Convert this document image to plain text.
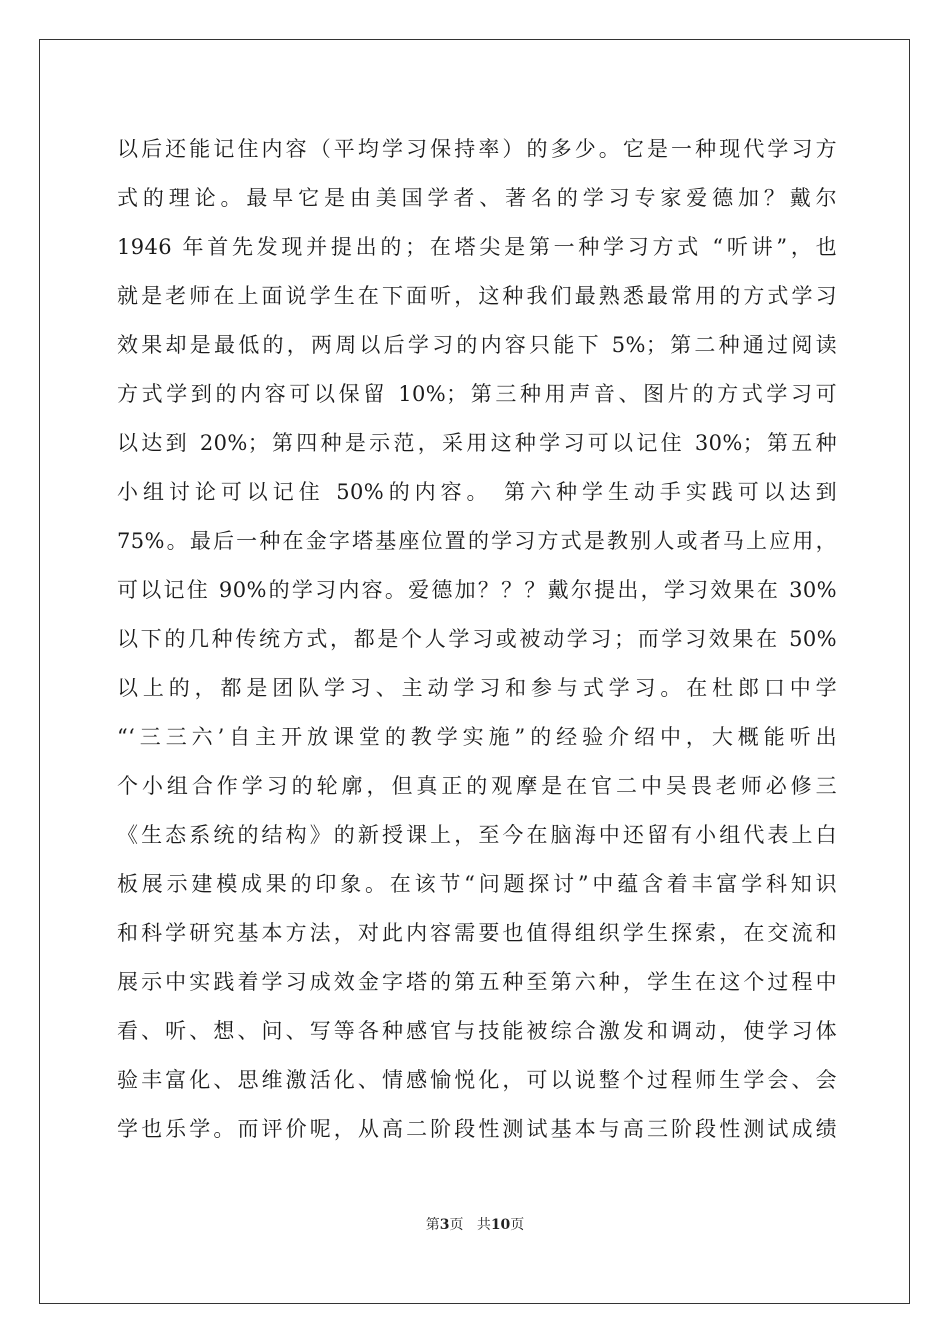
以后还能记住内容（平均学习保持率）的多少。它是一种现代学习方
式的理论。最早它是由美国学者、著名的学习专家爱德加？戴尔
1946 年首先发现并提出的；在塔尖是第一种学习方式 “听讲”，也
就是老师在上面说学生在下面听，这种我们最熟悉最常用的方式学习
效果却是最低的，两周以后学习的内容只能下 5%；第二种通过阅读
方式学到的内容可以保留 10%；第三种用声音、图片的方式学习可
以达到 20%；第四种是示范，采用这种学习可以记住 30%；第五种
小组讨论可以记住 50%的内容。 第六种学生动手实践可以达到
75%。最后一种在金字塔基座位置的学习方式是教别人或者马上应用，
可以记住 90%的学习内容。爱德加？？？戴尔提出，学习效果在 30%
以下的几种传统方式，都是个人学习或被动学习；而学习效果在 50%
以上的，都是团队学习、主动学习和参与式学习。在杜郎口中学
“‘三三六’自主开放课堂的教学实施”的经验介绍中，大概能听出
个小组合作学习的轮廓，但真正的观摩是在官二中吴畏老师必修三
《生态系统的结构》的新授课上，至今在脑海中还留有小组代表上白
板展示建模成果的印象。在该节“问题探讨”中蕴含着丰富学科知识
和科学研究基本方法，对此内容需要也值得组织学生探索，在交流和
展示中实践着学习成效金字塔的第五种至第六种，学生在这个过程中
看、听、想、问、写等各种感官与技能被综合激发和调动，使学习体
验丰富化、思维激活化、情感愉悦化，可以说整个过程师生学会、会
学也乐学。而评价呢，从高二阶段性测试基本与高三阶段性测试成绩
第3页 共10页
